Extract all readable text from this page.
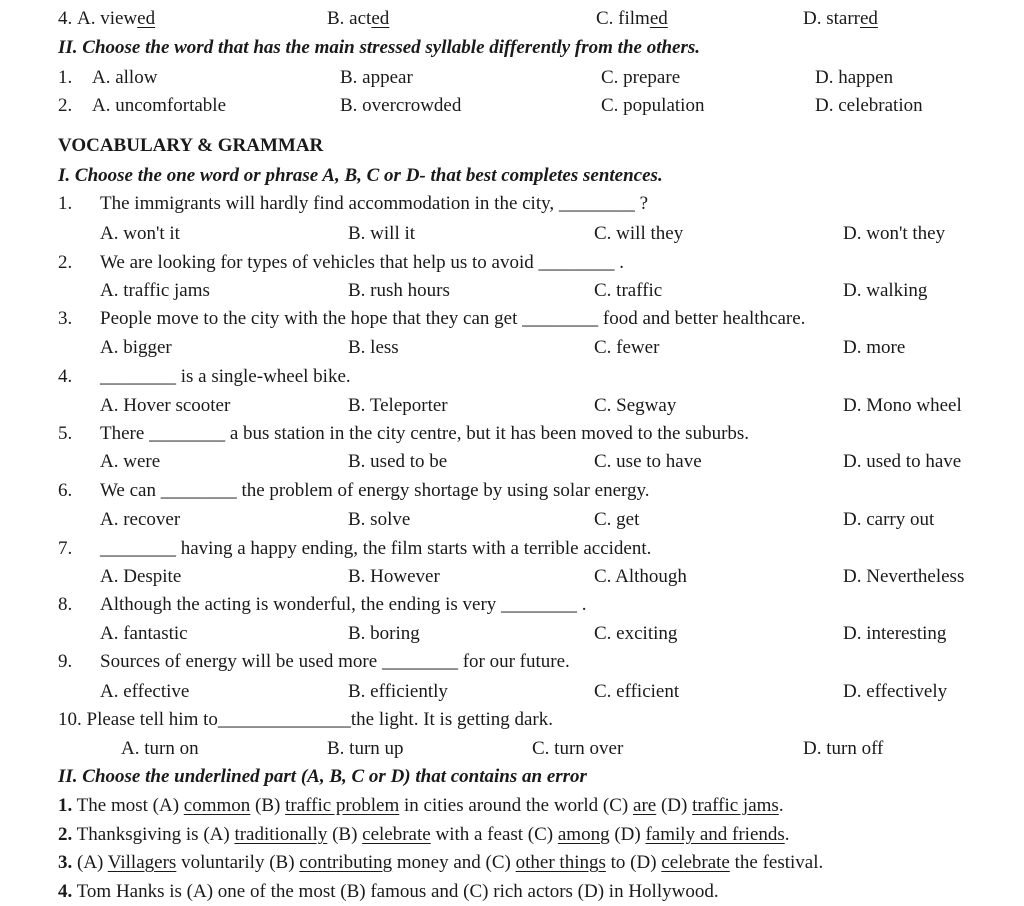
4. A. viewed	B. acted	C. filmed	D. starred
II. Choose the word that has the main stressed syllable differently from the others.
1. A. allow	B. appear	C. prepare	D. happen
2. A. uncomfortable	B. overcrowded	C. population	D. celebration
VOCABULARY & GRAMMAR
I. Choose the one word or phrase A, B, C or D- that best completes sentences.
1. The immigrants will hardly find accommodation in the city, ________ ?
A. won't it	B. will it	C. will they	D. won't they
2. We are looking for types of vehicles that help us to avoid ________ .
A. traffic jams	B. rush hours	C. traffic	D. walking
3. People move to the city with the hope that they can get ________ food and better healthcare.
A. bigger	B. less	C. fewer	D. more
4. ________ is a single-wheel bike.
A. Hover scooter	B. Teleporter	C. Segway	D. Mono wheel
5. There ________ a bus station in the city centre, but it has been moved to the suburbs.
A. were	B. used to be	C. use to have	D. used to have
6. We can ________ the problem of energy shortage by using solar energy.
A. recover	B. solve	C. get	D. carry out
7. ________ having a happy ending, the film starts with a terrible accident.
A. Despite	B. However	C. Although	D. Nevertheless
8. Although the acting is wonderful, the ending is very ________ .
A. fantastic	B. boring	C. exciting	D. interesting
9. Sources of energy will be used more ________ for our future.
A. effective	B. efficiently	C. efficient	D. effectively
10. Please tell him to______________the light. It is getting dark.
A. turn on	B. turn up	C. turn over	D. turn off
II. Choose the underlined part (A, B, C or D) that contains an error
1. The most (A) common (B) traffic problem in cities around the world (C) are (D) traffic jams.
2. Thanksgiving is (A) traditionally (B) celebrate with a feast (C) among (D) family and friends.
3. (A) Villagers voluntarily (B) contributing money and (C) other things to (D) celebrate the festival.
4. Tom Hanks is (A) one of the most (B) famous and (C) rich actors (D) in Hollywood.
